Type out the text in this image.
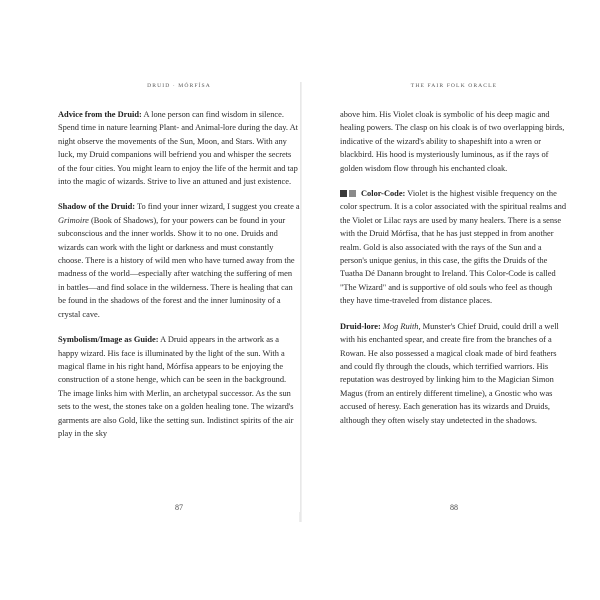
DRUID · MÓRFÍSA

Advice from the Druid: A lone person can find wisdom in silence. Spend time in nature learning Plant- and Animal-lore during the day. At night observe the movements of the Sun, Moon, and Stars. With any luck, my Druid companions will befriend you and whisper the secrets of the four cities. You might learn to enjoy the life of the hermit and tap into the magic of wizards. Strive to live an attuned and just existence.

Shadow of the Druid: To find your inner wizard, I suggest you create a Grimoire (Book of Shadows), for your powers can be found in your subconscious and the inner worlds. Show it to no one. Druids and wizards can work with the light or darkness and must constantly choose. There is a history of wild men who have turned away from the madness of the world—especially after watching the suffering of men in battles—and find solace in the wilderness. There is healing that can be found in the shadows of the forest and the inner luminosity of a crystal cave.

Symbolism/Image as Guide: A Druid appears in the artwork as a happy wizard. His face is illuminated by the light of the sun. With a magical flame in his right hand, Mórfísa appears to be enjoying the construction of a stone henge, which can be seen in the background. The image links him with Merlin, an archetypal successor. As the sun sets to the west, the stones take on a golden healing tone. The wizard's garments are also Gold, like the setting sun. Indistinct spirits of the air play in the sky

87
THE FAIR FOLK ORACLE

above him. His Violet cloak is symbolic of his deep magic and healing powers. The clasp on his cloak is of two overlapping birds, indicative of the wizard's ability to shapeshift into a wren or blackbird. His hood is mysteriously luminous, as if the rays of golden wisdom flow through his enchanted cloak.

Color-Code: Violet is the highest visible frequency on the color spectrum. It is a color associated with the spiritual realms and the Violet or Lilac rays are used by many healers. There is a sense with the Druid Mórfísa, that he has just stepped in from another realm. Gold is also associated with the rays of the Sun and a person's unique genius, in this case, the gifts the Druids of the Tuatha Dé Danann brought to Ireland. This Color-Code is called "The Wizard" and is supportive of old souls who feel as though they have time-traveled from distance places.

Druid-lore: Mog Ruith, Munster's Chief Druid, could drill a well with his enchanted spear, and create fire from the branches of a Rowan. He also possessed a magical cloak made of bird feathers and could fly through the clouds, which terrified warriors. His reputation was destroyed by linking him to the Magician Simon Magus (from an entirely different timeline), a Gnostic who was accused of heresy. Each generation has its wizards and Druids, although they often wisely stay undetected in the shadows.

88
